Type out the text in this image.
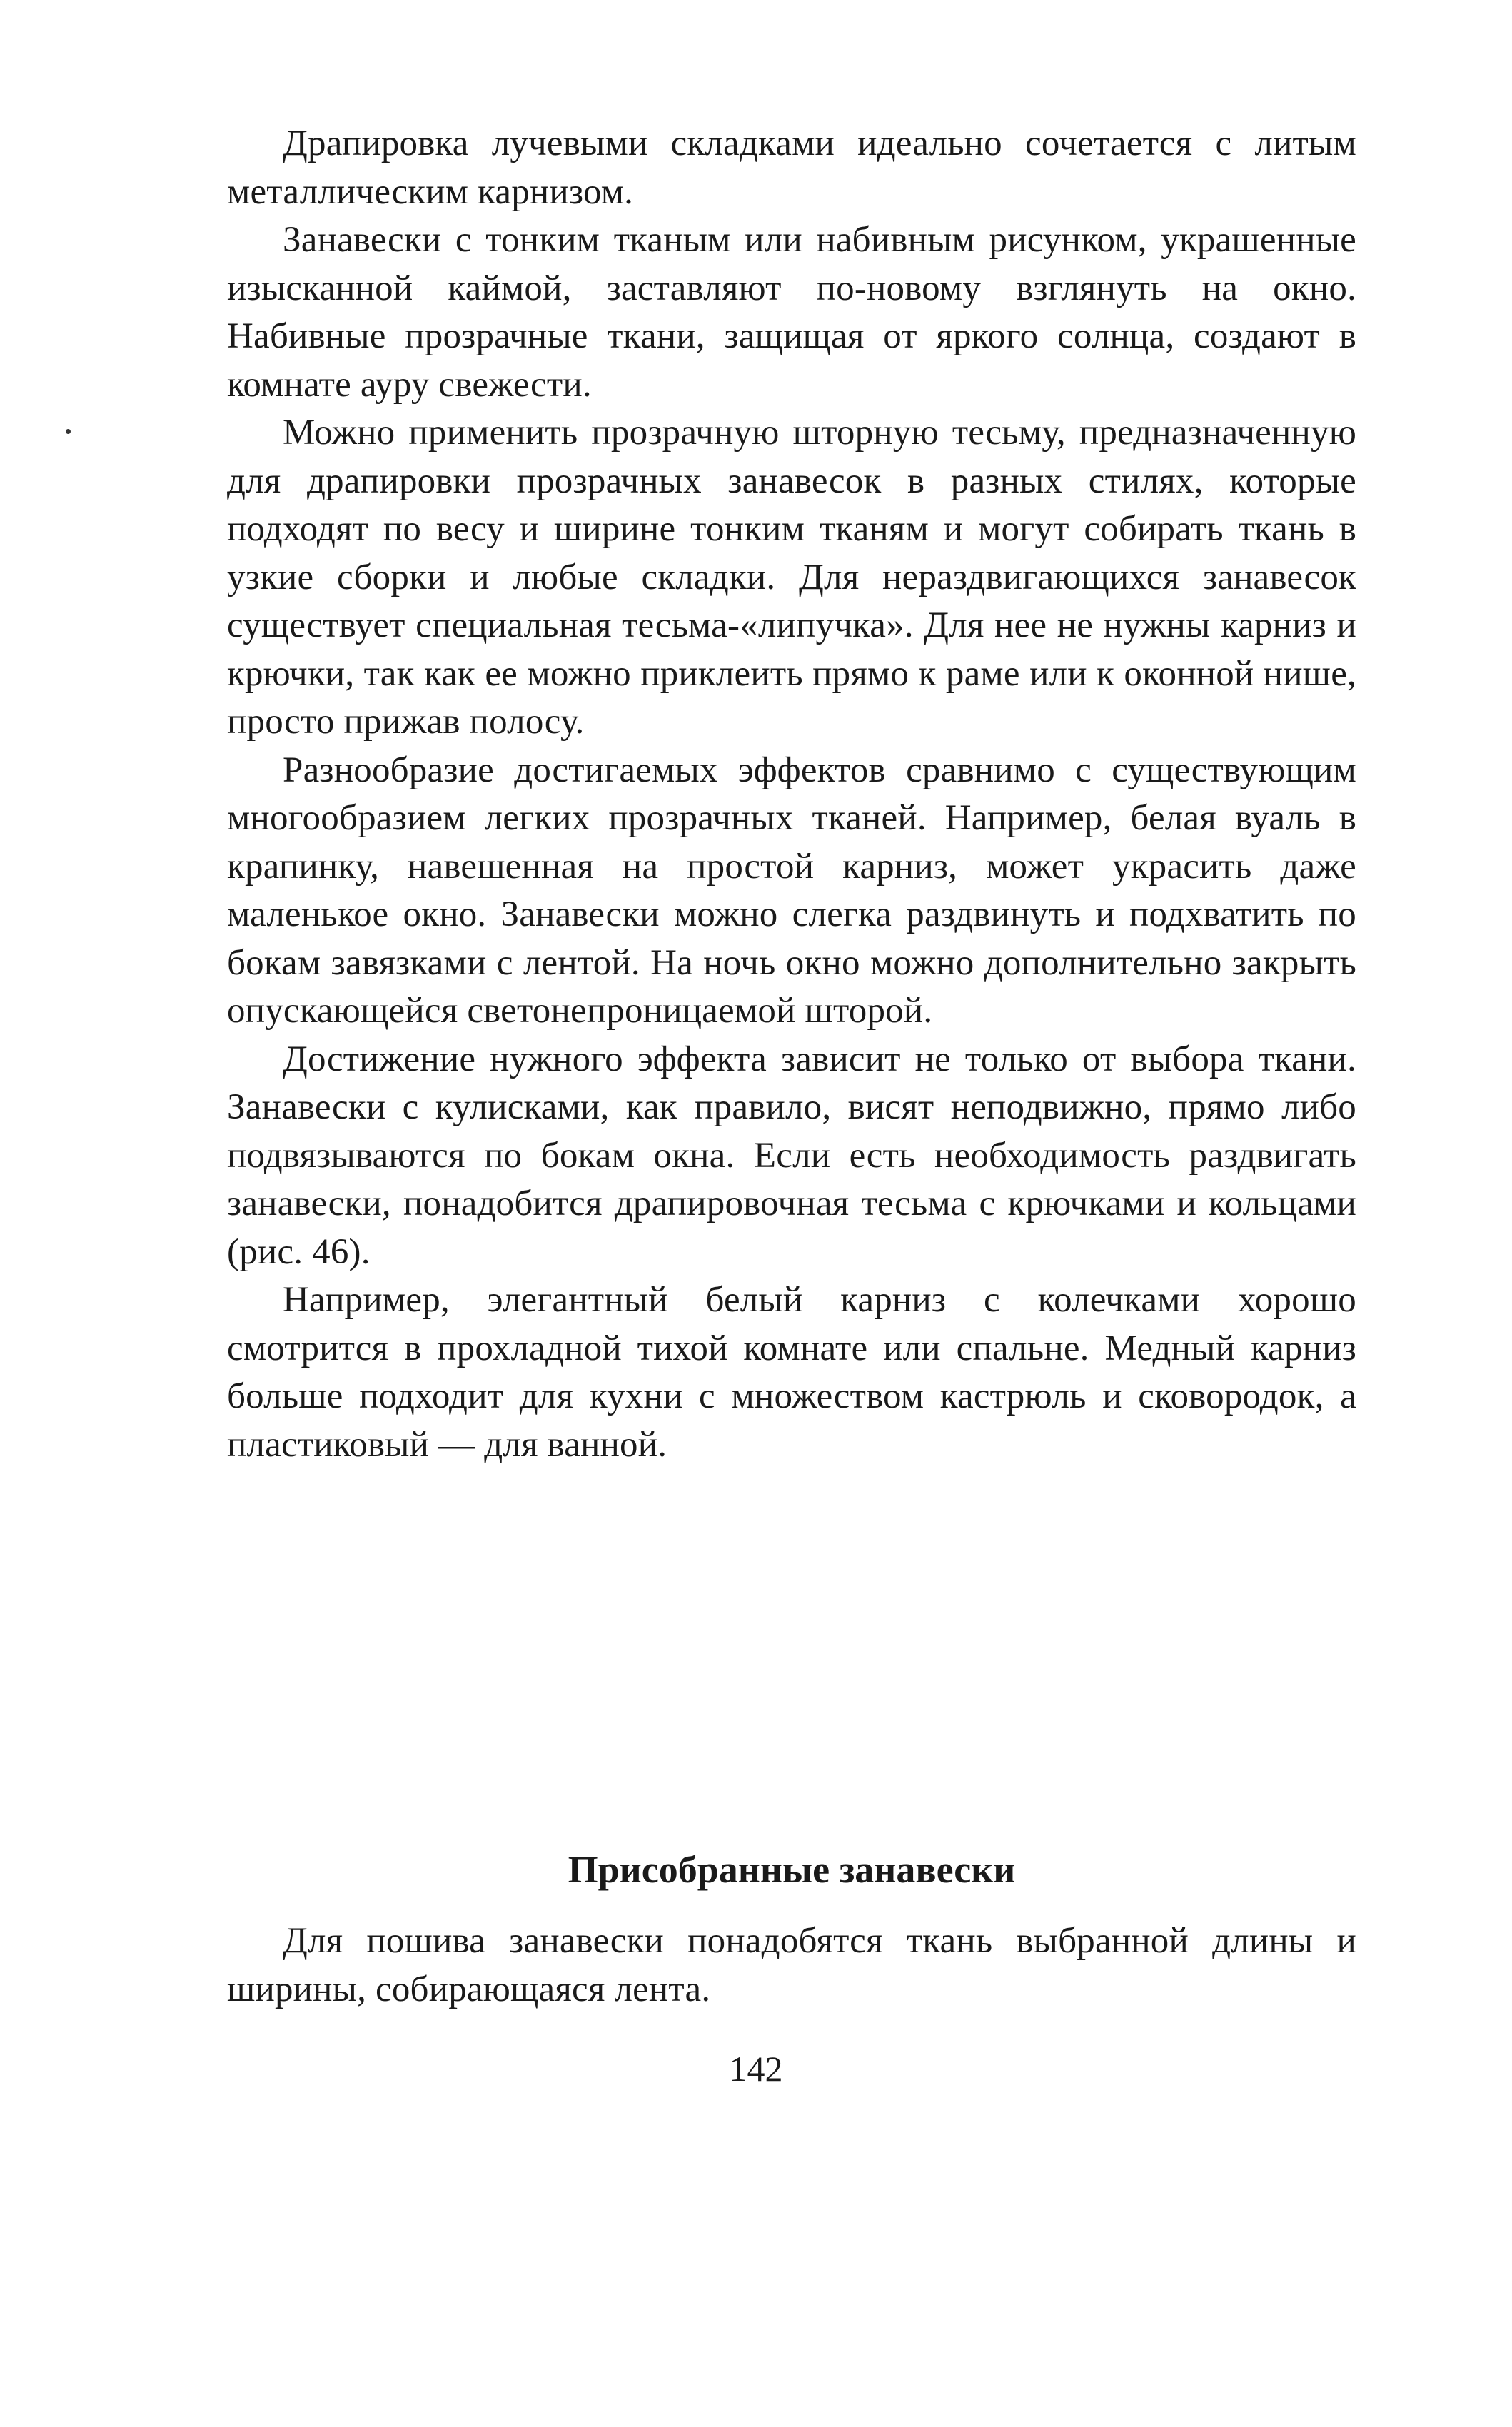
Драпировка лучевыми складками идеально сочетается с литым металлическим карнизом.

Занавески с тонким тканым или набивным рисунком, украшенные изысканной каймой, заставляют по-новому взглянуть на окно. Набивные прозрачные ткани, защищая от яркого солнца, создают в комнате ауру свежести.

Можно применить прозрачную шторную тесьму, предназначенную для драпировки прозрачных занавесок в разных стилях, которые подходят по весу и ширине тонким тканям и могут собирать ткань в узкие сборки и любые складки. Для нераздвигающихся занавесок существует специальная тесьма-«липучка». Для нее не нужны карниз и крючки, так как ее можно приклеить прямо к раме или к оконной нише, просто прижав полосу.

Разнообразие достигаемых эффектов сравнимо с существующим многообразием легких прозрачных тканей. Например, белая вуаль в крапинку, навешенная на простой карниз, может украсить даже маленькое окно. Занавески можно слегка раздвинуть и подхватить по бокам завязками с лентой. На ночь окно можно дополнительно закрыть опускающейся светонепроницаемой шторой.

Достижение нужного эффекта зависит не только от выбора ткани. Занавески с кулисками, как правило, висят неподвижно, прямо либо подвязываются по бокам окна. Если есть необходимость раздвигать занавески, понадобится драпировочная тесьма с крючками и кольцами (рис. 46).

Например, элегантный белый карниз с колечками хорошо смотрится в прохладной тихой комнате или спальне. Медный карниз больше подходит для кухни с множеством кастрюль и сковородок, а пластиковый — для ванной.

Присобранные занавески

Для пошива занавески понадобятся ткань выбранной длины и ширины, собирающаяся лента.

142
